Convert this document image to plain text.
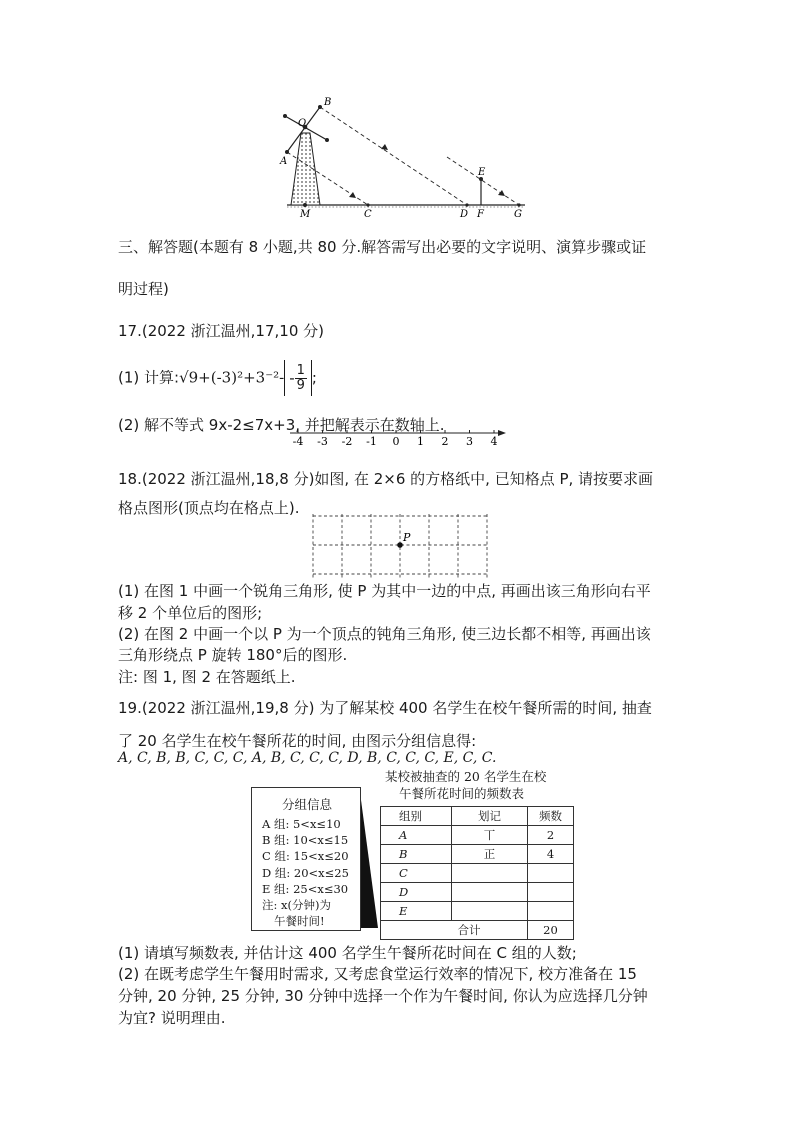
B
O
A
E
M	C	D F	G
三、解答题(本题有 8 小题,共 80 分.解答需写出必要的文字说明、演算步骤或证
明过程)
17.(2022 浙江温州,17,10 分)
(1) 计算:√9+(-3)²+3⁻²- - $\frac{1}{9}$ ;
(2) 解不等式 9x-2≤7x+3, 并把解表示在数轴上.
-4 -3 -2 -1 0 1 2 3 4
18.(2022 浙江温州,18,8 分)如图, 在 2×6 的方格纸中, 已知格点 P, 请按要求画
格点图形(顶点均在格点上).
P
(1) 在图 1 中画一个锐角三角形, 使 P 为其中一边的中点, 再画出该三角形向右平
移 2 个单位后的图形;
(2) 在图 2 中画一个以 P 为一个顶点的钝角三角形, 使三边长都不相等, 再画出该
三角形绕点 P 旋转 180°后的图形.
注: 图 1, 图 2 在答题纸上.
19.(2022 浙江温州,19,8 分) 为了解某校 400 名学生在校午餐所需的时间, 抽查
了 20 名学生在校午餐所花的时间, 由图示分组信息得:
A, C, B, B, C, C, C, A, B, C, C, C, D, B, C, C, C, E, C, C.
分组信息
A 组: 5<x≤10
B 组: 10<x≤15
C 组: 15<x≤20
D 组: 20<x≤25
E 组: 25<x≤30
注: x(分钟)为
午餐时间!
某校被抽查的 20 名学生在校
午餐所花时间的频数表
组别	划记	频数
A	丅	2
B	正	4
C		
D		
E		
合计		20
(1) 请填写频数表, 并估计这 400 名学生午餐所花时间在 C 组的人数;
(2) 在既考虑学生午餐用时需求, 又考虑食堂运行效率的情况下, 校方准备在 15
分钟, 20 分钟, 25 分钟, 30 分钟中选择一个作为午餐时间, 你认为应选择几分钟
为宜? 说明理由.
